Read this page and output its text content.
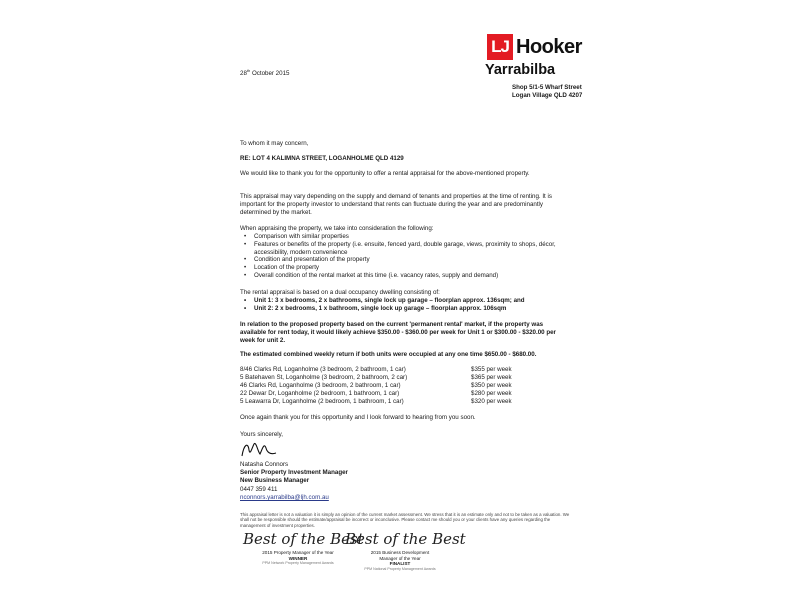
LJ Hooker
Yarrabilba
Shop 5/1-5 Wharf Street
Logan Village QLD 4207
28th October 2015
To whom it may concern,
RE: LOT 4 KALIMNA STREET, LOGANHOLME QLD 4129
We would like to thank you for the opportunity to offer a rental appraisal for the above-mentioned property.
This appraisal may vary depending on the supply and demand of tenants and properties at the time of renting. It is important for the property investor to understand that rents can fluctuate during the year and are predominantly determined by the market.
When appraising the property, we take into consideration the following:
• Comparison with similar properties
• Features or benefits of the property (i.e. ensuite, fenced yard, double garage, views, proximity to shops, décor, accessibility, modern convenience
• Condition and presentation of the property
• Location of the property
• Overall condition of the rental market at this time (i.e. vacancy rates, supply and demand)
The rental appraisal is based on a dual occupancy dwelling consisting of:
• Unit 1: 3 x bedrooms, 2 x bathrooms, single lock up garage – floorplan approx. 136sqm; and
• Unit 2: 2 x bedrooms, 1 x bathroom, single lock up garage – floorplan approx. 106sqm
In relation to the proposed property based on the current 'permanent rental' market, if the property was available for rent today, it would likely achieve $350.00 - $360.00 per week for Unit 1 or $300.00 - $320.00 per week for unit 2.
The estimated combined weekly return if both units were occupied at any one time $650.00 - $680.00.
8/46 Clarks Rd, Loganholme (3 bedroom, 2 bathroom, 1 car)	$355 per week
5 Batehaven St, Loganholme (3 bedroom, 2 bathroom, 2 car)	$365 per week
46 Clarks Rd, Loganholme (3 bedroom, 2 bathroom, 1 car)	$350 per week
22 Dewar Dr, Loganholme (2 bedroom, 1 bathroom, 1 car)	$280 per week
5 Leawarra Dr, Loganholme (2 bedroom, 1 bathroom, 1 car)	$320 per week
Once again thank you for this opportunity and I look forward to hearing from you soon.
Yours sincerely,
Natasha Connors
Senior Property Investment Manager
New Business Manager
0447 359 411
nconnors.yarrabilba@ljh.com.au
This appraisal letter is not a valuation it is simply an opinion of the current market assessment. We stress that it is an estimate only and not to be taken as a valuation. We shall not be responsible should the estimate/appraisal be incorrect or inconclusive. Please contact me should you or your clients have any queries regarding the management of investment properties.
Best of the Best
2015 Property Manager of the Year
WINNER
PPM Network Property Management Awards
Best of the Best
2015 Business Development
Manager of the Year
FINALIST
PPM National Property Management Awards
